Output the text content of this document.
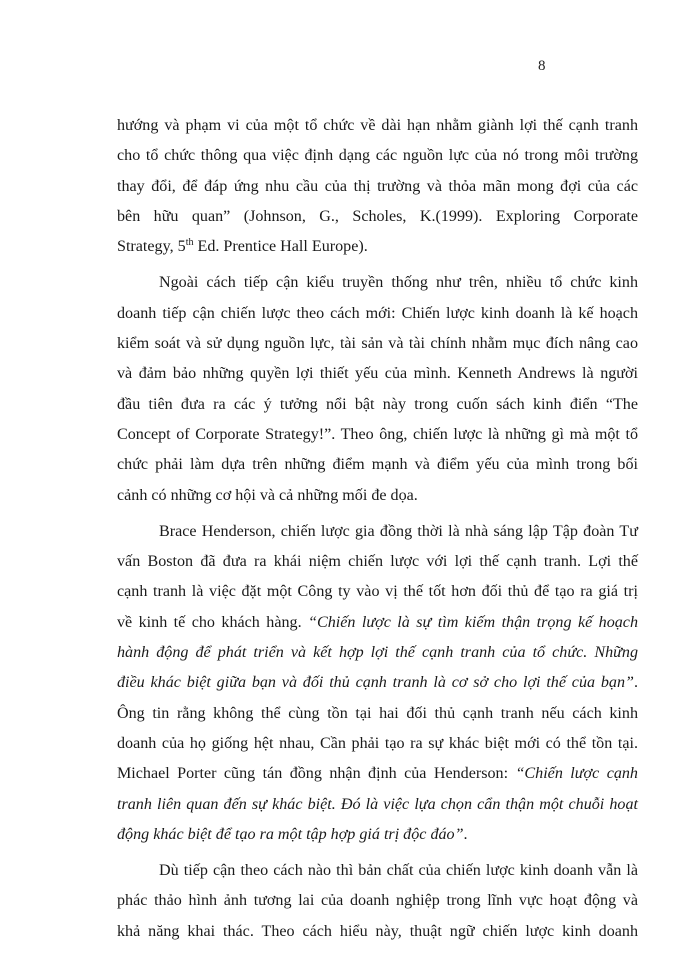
8
hướng và phạm vi của một tổ chức về dài hạn nhằm giành lợi thế cạnh tranh
cho tổ chức thông qua việc định dạng các nguồn lực của nó trong môi trường
thay đổi, để đáp ứng nhu cầu của thị trường và thỏa mãn mong đợi của các
bên hữu quan” (Johnson, G., Scholes, K.(1999). Exploring Corporate
Strategy, 5th Ed. Prentice Hall Europe).
Ngoài cách tiếp cận kiểu truyền thống như trên, nhiều tổ chức kinh
doanh tiếp cận chiến lược theo cách mới: Chiến lược kinh doanh là kế hoạch
kiểm soát và sử dụng nguồn lực, tài sản và tài chính nhằm mục đích nâng cao
và đảm bảo những quyền lợi thiết yếu của mình. Kenneth Andrews là người
đầu tiên đưa ra các ý tưởng nổi bật này trong cuốn sách kinh điển “The
Concept of Corporate Strategy!”. Theo ông, chiến lược là những gì mà một tổ
chức phải làm dựa trên những điểm mạnh và điểm yếu của mình trong bối
cảnh có những cơ hội và cả những mối đe dọa.
Brace Henderson, chiến lược gia đồng thời là nhà sáng lập Tập đoàn Tư
vấn Boston đã đưa ra khái niệm chiến lược với lợi thế cạnh tranh. Lợi thế
cạnh tranh là việc đặt một Công ty vào vị thế tốt hơn đối thủ để tạo ra giá trị
về kinh tế cho khách hàng. “Chiến lược là sự tìm kiếm thận trọng kế hoạch
hành động để phát triển và kết hợp lợi thế cạnh tranh của tổ chức. Những
điều khác biệt giữa bạn và đối thủ cạnh tranh là cơ sở cho lợi thế của bạn”.
Ông tin rằng không thể cùng tồn tại hai đối thủ cạnh tranh nếu cách kinh
doanh của họ giống hệt nhau, Cần phải tạo ra sự khác biệt mới có thể tồn tại.
Michael Porter cũng tán đồng nhận định của Henderson: “Chiến lược cạnh
tranh liên quan đến sự khác biệt. Đó là việc lựa chọn cẩn thận một chuỗi hoạt
động khác biệt để tạo ra một tập hợp giá trị độc đáo”.
Dù tiếp cận theo cách nào thì bản chất của chiến lược kinh doanh vẫn là
phác thảo hình ảnh tương lai của doanh nghiệp trong lĩnh vực hoạt động và
khả năng khai thác. Theo cách hiểu này, thuật ngữ chiến lược kinh doanh
